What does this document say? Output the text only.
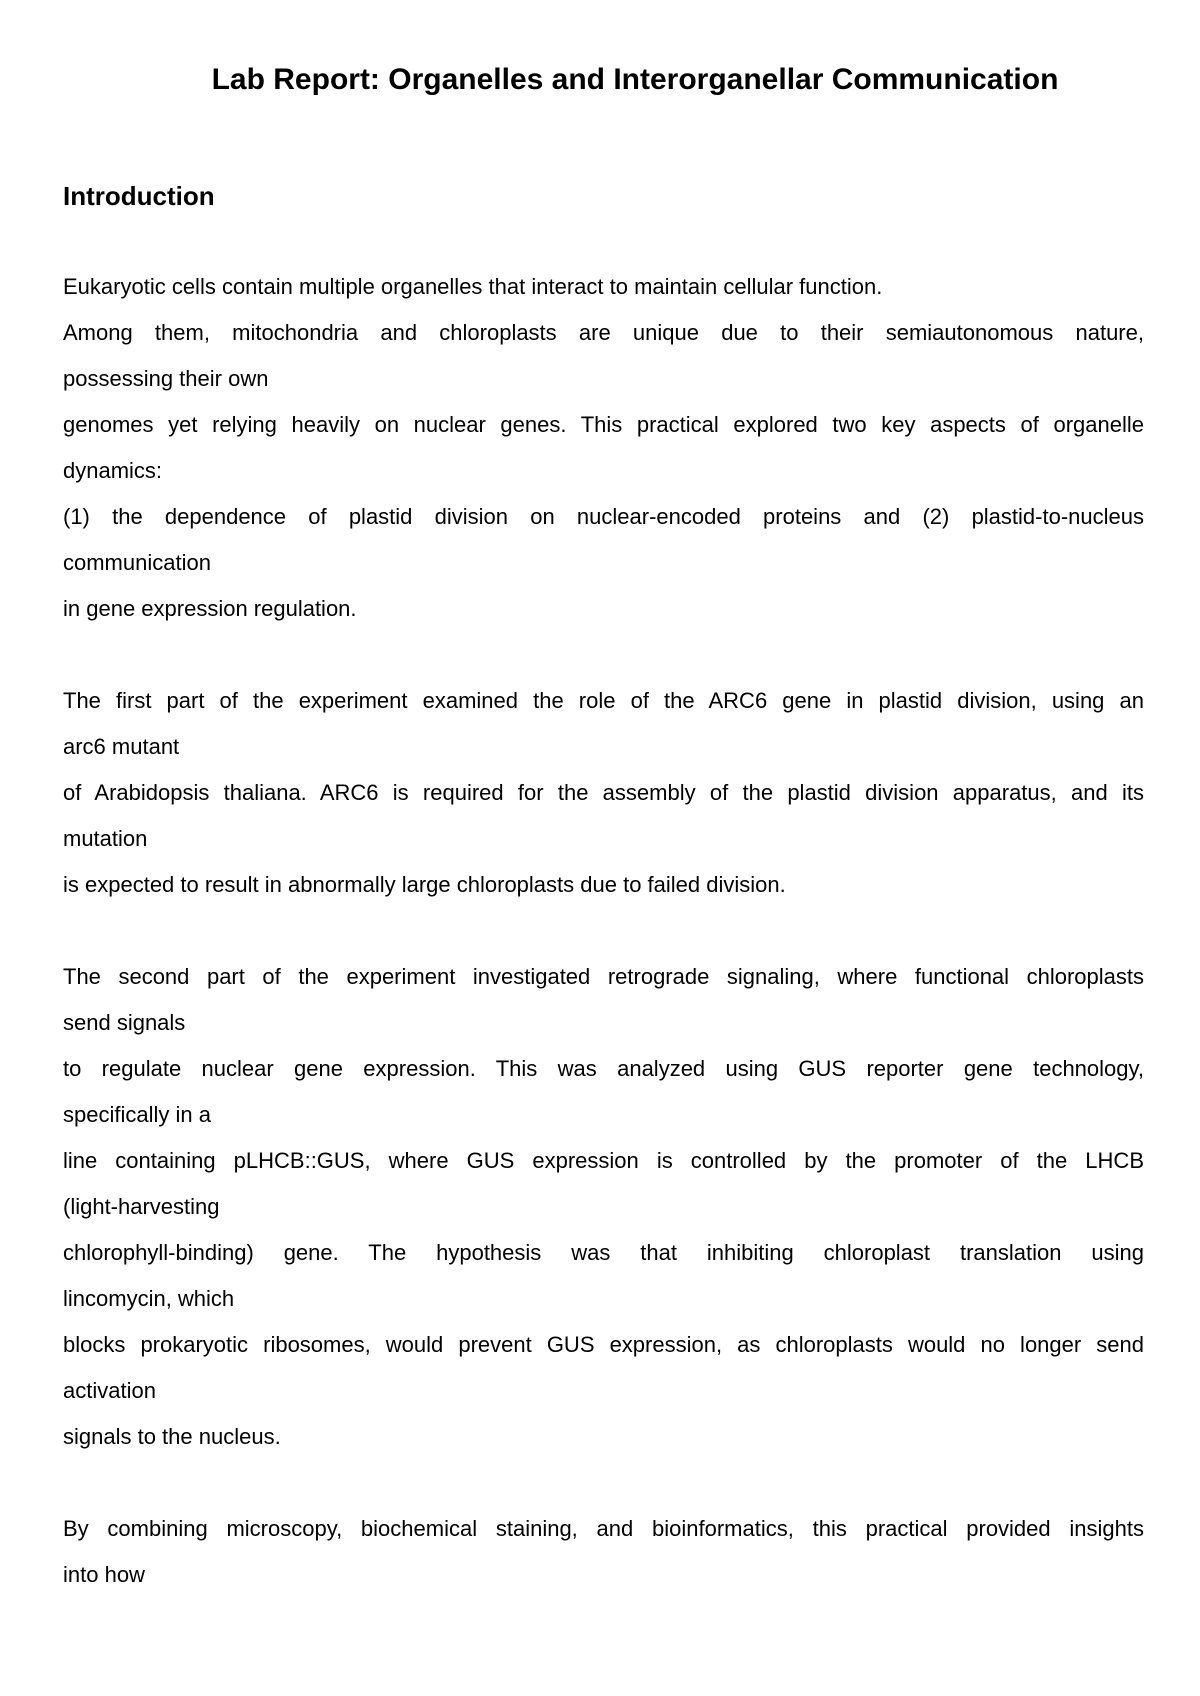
Lab Report: Organelles and Interorganellar Communication
Introduction
Eukaryotic cells contain multiple organelles that interact to maintain cellular function.
Among them, mitochondria and chloroplasts are unique due to their semiautonomous nature,
possessing their own
genomes yet relying heavily on nuclear genes. This practical explored two key aspects of organelle
dynamics:
(1) the dependence of plastid division on nuclear-encoded proteins and (2) plastid-to-nucleus
communication
in gene expression regulation.
The first part of the experiment examined the role of the ARC6 gene in plastid division, using an
arc6 mutant
of Arabidopsis thaliana. ARC6 is required for the assembly of the plastid division apparatus, and its
mutation
is expected to result in abnormally large chloroplasts due to failed division.
The second part of the experiment investigated retrograde signaling, where functional chloroplasts
send signals
to regulate nuclear gene expression. This was analyzed using GUS reporter gene technology,
specifically in a
line containing pLHCB::GUS, where GUS expression is controlled by the promoter of the LHCB
(light-harvesting
chlorophyll-binding) gene. The hypothesis was that inhibiting chloroplast translation using
lincomycin, which
blocks prokaryotic ribosomes, would prevent GUS expression, as chloroplasts would no longer send
activation
signals to the nucleus.
By combining microscopy, biochemical staining, and bioinformatics, this practical provided insights
into how
